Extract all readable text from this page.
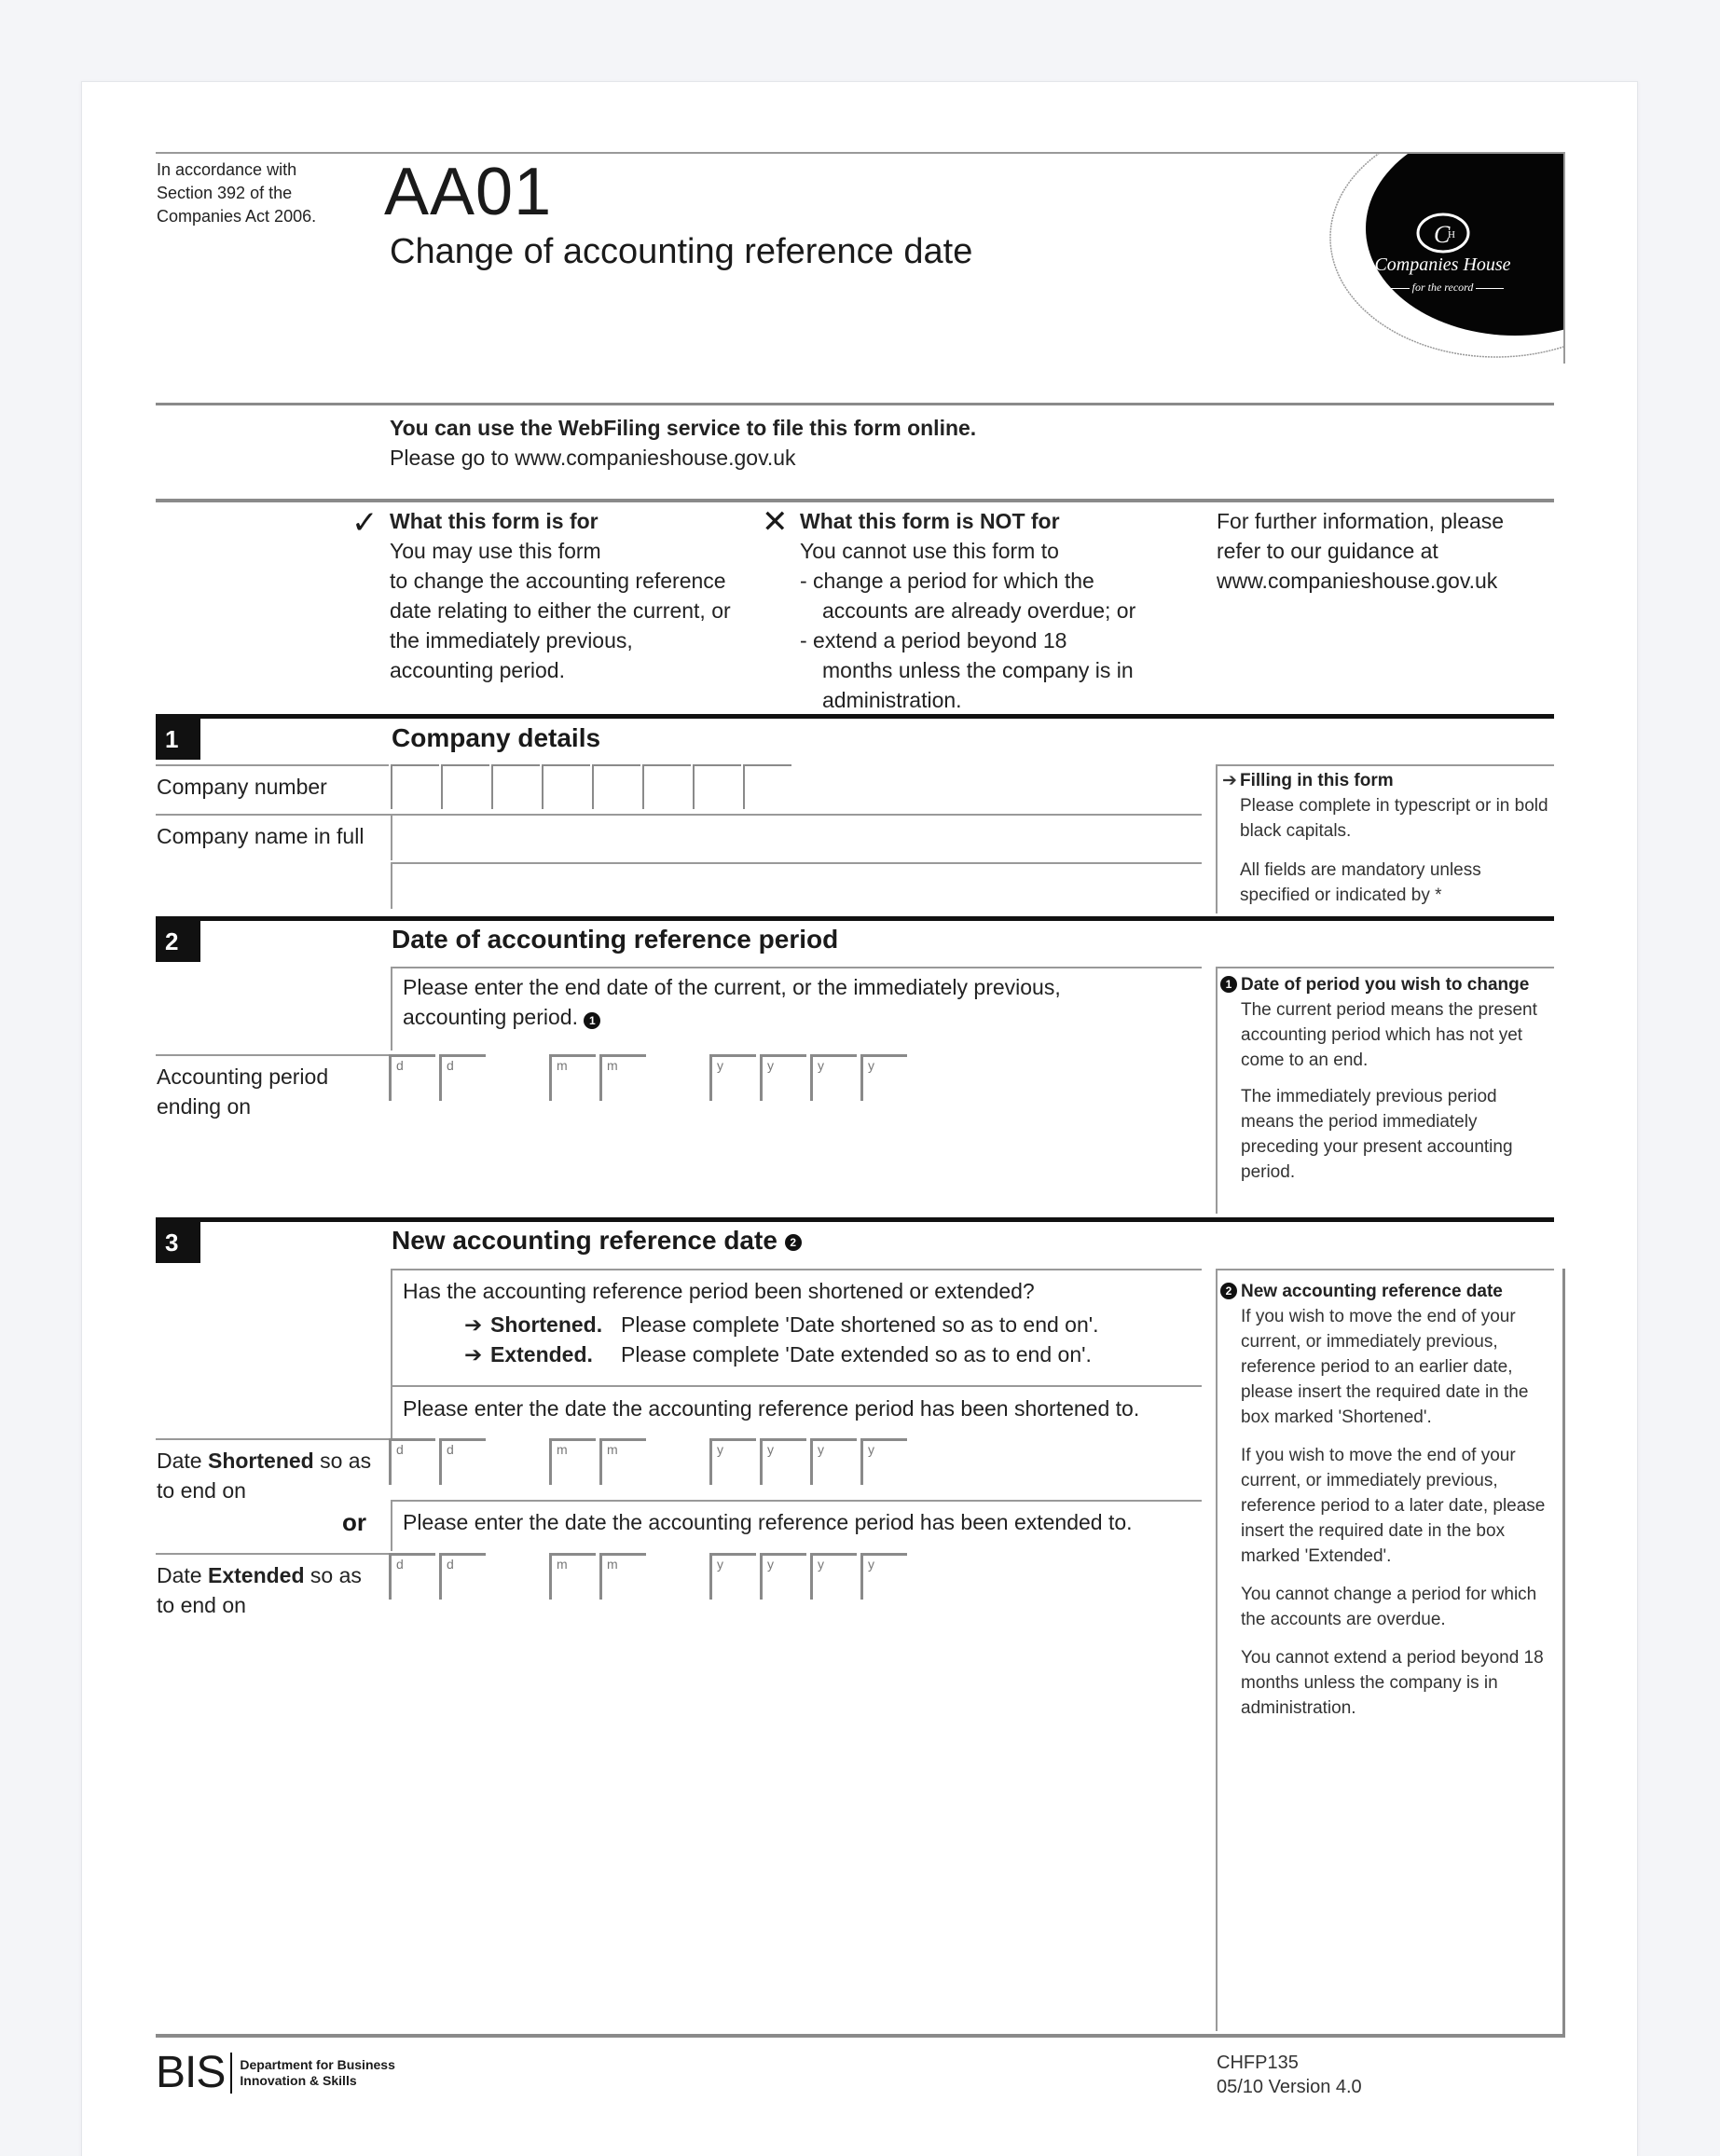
In accordance with
Section 392 of the
Companies Act 2006.	AA01
Change of accounting reference date	C
H
Companies House
for the record
You can use the WebFiling service to file this form online.
Please go to www.companieshouse.gov.uk
✓ What this form is for
You may use this form
to change the accounting reference
date relating to either the current, or
the immediately previous,
accounting period.
✕ What this form is NOT for
You cannot use this form to
- change a period for which the
accounts are already overdue; or
- extend a period beyond 18
months unless the company is in
administration.
For further information, please
refer to our guidance at
www.companieshouse.gov.uk
1	Company details
Company number
Company name in full
➔ Filling in this form
Please complete in typescript or in bold black capitals.
All fields are mandatory unless specified or indicated by *
2	Date of accounting reference period
Please enter the end date of the current, or the immediately previous, accounting period. 1
Accounting period
ending on
d	d	m	m	y	y	y	y
1 Date of period you wish to change
The current period means the present accounting period which has not yet come to an end.
The immediately previous period means the period immediately preceding your present accounting period.
3	New accounting reference date 2
Has the accounting reference period been shortened or extended?
➔ Shortened. Please complete 'Date shortened so as to end on'.
➔ Extended.	Please complete 'Date extended so as to end on'.
Please enter the date the accounting reference period has been shortened to.
Date Shortened so as
to end on
d	d	m	m	y	y	y	y
or Please enter the date the accounting reference period has been extended to.
Date Extended so as
to end on
d	d	m	m	y	y	y	y
2 New accounting reference date
If you wish to move the end of your current, or immediately previous, reference period to an earlier date, please insert the required date in the box marked 'Shortened'.
If you wish to move the end of your current, or immediately previous, reference period to a later date, please insert the required date in the box marked 'Extended'.
You cannot change a period for which the accounts are overdue.
You cannot extend a period beyond 18 months unless the company is in administration.
BIS Department for Business
Innovation & Skills
CHFP135
05/10 Version 4.0
